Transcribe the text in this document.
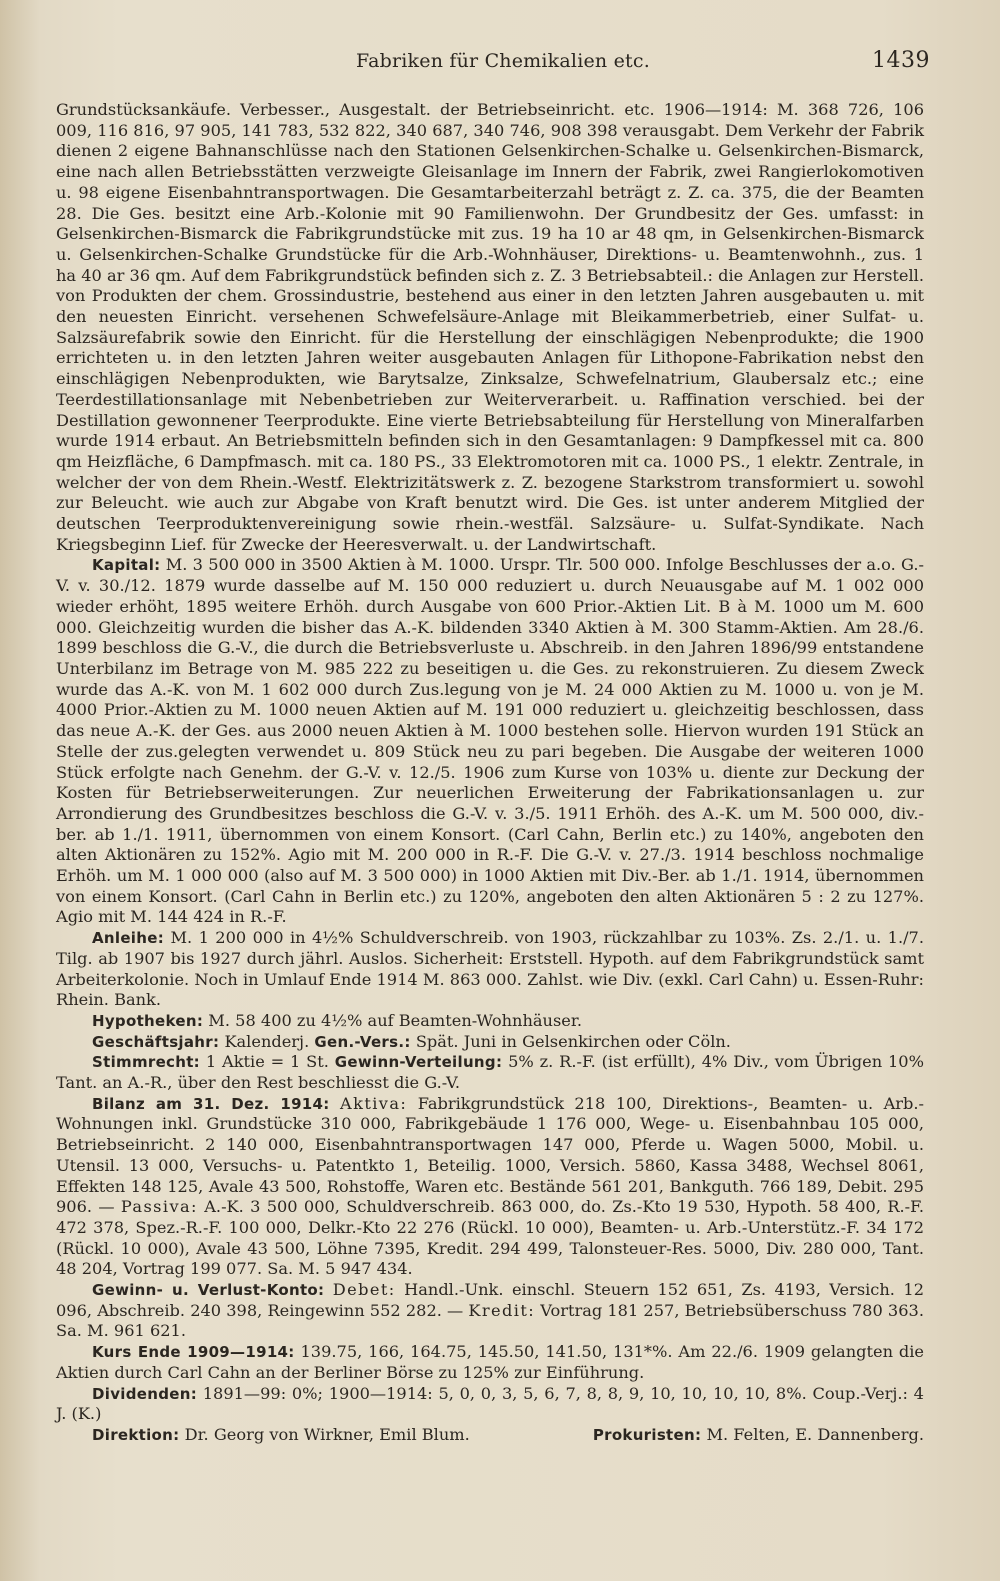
Fabriken für Chemikalien etc.	1439

Grundstücksankäufe. Verbesser., Ausgestalt. der Betriebseinricht. etc. 1906—1914: M. 368 726, 106 009, 116 816, 97 905, 141 783, 532 822, 340 687, 340 746, 908 398 verausgabt. Dem Verkehr der Fabrik dienen 2 eigene Bahnanschlüsse nach den Stationen Gelsenkirchen-Schalke u. Gelsenkirchen-Bismarck, eine nach allen Betriebsstätten verzweigte Gleisanlage im Innern der Fabrik, zwei Rangierlokomotiven u. 98 eigene Eisenbahntransportwagen. Die Gesamtarbeiterzahl beträgt z. Z. ca. 375, die der Beamten 28. Die Ges. besitzt eine Arb.-Kolonie mit 90 Familienwohn. Der Grundbesitz der Ges. umfasst: in Gelsenkirchen-Bismarck die Fabrikgrundstücke mit zus. 19 ha 10 ar 48 qm, in Gelsenkirchen-Bismarck u. Gelsenkirchen-Schalke Grundstücke für die Arb.-Wohnhäuser, Direktions- u. Beamtenwohnh., zus. 1 ha 40 ar 36 qm. Auf dem Fabrikgrundstück befinden sich z. Z. 3 Betriebsabteil.: die Anlagen zur Herstell. von Produkten der chem. Grossindustrie, bestehend aus einer in den letzten Jahren ausgebauten u. mit den neuesten Einricht. versehenen Schwefelsäure-Anlage mit Bleikammerbetrieb, einer Sulfat- u. Salzsäurefabrik sowie den Einricht. für die Herstellung der einschlägigen Nebenprodukte; die 1900 errichteten u. in den letzten Jahren weiter ausgebauten Anlagen für Lithopone-Fabrikation nebst den einschlägigen Nebenprodukten, wie Barytsalze, Zinksalze, Schwefelnatrium, Glaubersalz etc.; eine Teerdestillationsanlage mit Nebenbetrieben zur Weiterverarbeit. u. Raffination verschied. bei der Destillation gewonnener Teerprodukte. Eine vierte Betriebsabteilung für Herstellung von Mineralfarben wurde 1914 erbaut. An Betriebsmitteln befinden sich in den Gesamtanlagen: 9 Dampfkessel mit ca. 800 qm Heizfläche, 6 Dampfmasch. mit ca. 180 PS., 33 Elektromotoren mit ca. 1000 PS., 1 elektr. Zentrale, in welcher der von dem Rhein.-Westf. Elektrizitätswerk z. Z. bezogene Starkstrom transformiert u. sowohl zur Beleucht. wie auch zur Abgabe von Kraft benutzt wird. Die Ges. ist unter anderem Mitglied der deutschen Teerproduktenvereinigung sowie rhein.-westfäl. Salzsäure- u. Sulfat-Syndikate. Nach Kriegsbeginn Lief. für Zwecke der Heeresverwalt. u. der Landwirtschaft.

Kapital: M. 3 500 000 in 3500 Aktien à M. 1000. Urspr. Tlr. 500 000. Infolge Beschlusses der a.o. G.-V. v. 30./12. 1879 wurde dasselbe auf M. 150 000 reduziert u. durch Neuausgabe auf M. 1 002 000 wieder erhöht, 1895 weitere Erhöh. durch Ausgabe von 600 Prior.-Aktien Lit. B à M. 1000 um M. 600 000. Gleichzeitig wurden die bisher das A.-K. bildenden 3340 Aktien à M. 300 Stamm-Aktien. Am 28./6. 1899 beschloss die G.-V., die durch die Betriebsverluste u. Abschreib. in den Jahren 1896/99 entstandene Unterbilanz im Betrage von M. 985 222 zu beseitigen u. die Ges. zu rekonstruieren. Zu diesem Zweck wurde das A.-K. von M. 1 602 000 durch Zus.legung von je M. 24 000 Aktien zu M. 1000 u. von je M. 4000 Prior.-Aktien zu M. 1000 neuen Aktien auf M. 191 000 reduziert u. gleichzeitig beschlossen, dass das neue A.-K. der Ges. aus 2000 neuen Aktien à M. 1000 bestehen solle. Hiervon wurden 191 Stück an Stelle der zus.gelegten verwendet u. 809 Stück neu zu pari begeben. Die Ausgabe der weiteren 1000 Stück erfolgte nach Genehm. der G.-V. v. 12./5. 1906 zum Kurse von 103% u. diente zur Deckung der Kosten für Betriebserweiterungen. Zur neuerlichen Erweiterung der Fabrikationsanlagen u. zur Arrondierung des Grundbesitzes beschloss die G.-V. v. 3./5. 1911 Erhöh. des A.-K. um M. 500 000, div.-ber. ab 1./1. 1911, übernommen von einem Konsort. (Carl Cahn, Berlin etc.) zu 140%, angeboten den alten Aktionären zu 152%. Agio mit M. 200 000 in R.-F. Die G.-V. v. 27./3. 1914 beschloss nochmalige Erhöh. um M. 1 000 000 (also auf M. 3 500 000) in 1000 Aktien mit Div.-Ber. ab 1./1. 1914, übernommen von einem Konsort. (Carl Cahn in Berlin etc.) zu 120%, angeboten den alten Aktionären 5 : 2 zu 127%. Agio mit M. 144 424 in R.-F.

Anleihe: M. 1 200 000 in 4½% Schuldverschreib. von 1903, rückzahlbar zu 103%. Zs. 2./1. u. 1./7. Tilg. ab 1907 bis 1927 durch jährl. Auslos. Sicherheit: Erststell. Hypoth. auf dem Fabrikgrundstück samt Arbeiterkolonie. Noch in Umlauf Ende 1914 M. 863 000. Zahlst. wie Div. (exkl. Carl Cahn) u. Essen-Ruhr: Rhein. Bank.

Hypotheken: M. 58 400 zu 4½% auf Beamten-Wohnhäuser.

Geschäftsjahr: Kalenderj. Gen.-Vers.: Spät. Juni in Gelsenkirchen oder Cöln.

Stimmrecht: 1 Aktie = 1 St. Gewinn-Verteilung: 5% z. R.-F. (ist erfüllt), 4% Div., vom Übrigen 10% Tant. an A.-R., über den Rest beschliesst die G.-V.

Bilanz am 31. Dez. 1914: Aktiva: Fabrikgrundstück 218 100, Direktions-, Beamten- u. Arb.-Wohnungen inkl. Grundstücke 310 000, Fabrikgebäude 1 176 000, Wege- u. Eisenbahnbau 105 000, Betriebseinricht. 2 140 000, Eisenbahntransportwagen 147 000, Pferde u. Wagen 5000, Mobil. u. Utensil. 13 000, Versuchs- u. Patentkto 1, Beteilig. 1000, Versich. 5860, Kassa 3488, Wechsel 8061, Effekten 148 125, Avale 43 500, Rohstoffe, Waren etc. Bestände 561 201, Bankguth. 766 189, Debit. 295 906. — Passiva: A.-K. 3 500 000, Schuldverschreib. 863 000, do. Zs.-Kto 19 530, Hypoth. 58 400, R.-F. 472 378, Spez.-R.-F. 100 000, Delkr.-Kto 22 276 (Rückl. 10 000), Beamten- u. Arb.-Unterstütz.-F. 34 172 (Rückl. 10 000), Avale 43 500, Löhne 7395, Kredit. 294 499, Talonsteuer-Res. 5000, Div. 280 000, Tant. 48 204, Vortrag 199 077. Sa. M. 5 947 434.

Gewinn- u. Verlust-Konto: Debet: Handl.-Unk. einschl. Steuern 152 651, Zs. 4193, Versich. 12 096, Abschreib. 240 398, Reingewinn 552 282. — Kredit: Vortrag 181 257, Betriebsüberschuss 780 363. Sa. M. 961 621.

Kurs Ende 1909—1914: 139.75, 166, 164.75, 145.50, 141.50, 131*%. Am 22./6. 1909 gelangten die Aktien durch Carl Cahn an der Berliner Börse zu 125% zur Einführung.

Dividenden: 1891—99: 0%; 1900—1914: 5, 0, 0, 3, 5, 6, 7, 8, 8, 9, 10, 10, 10, 10, 8%. Coup.-Verj.: 4 J. (K.)

Direktion: Dr. Georg von Wirkner, Emil Blum.	Prokuristen: M. Felten, E. Dannenberg.
